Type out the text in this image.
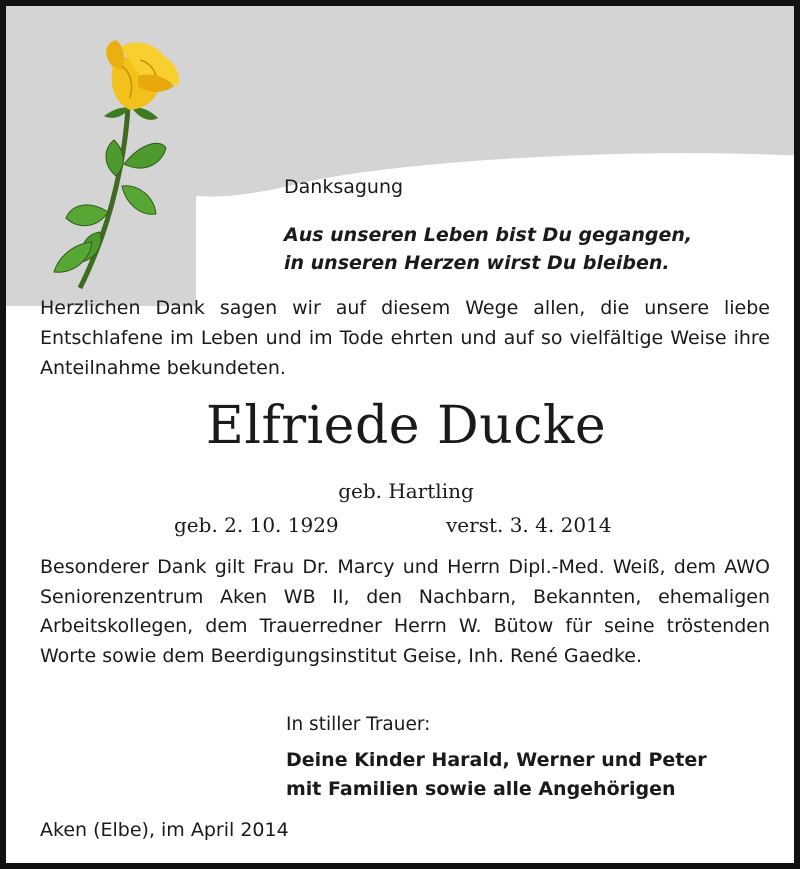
Danksagung
Aus unseren Leben bist Du gegangen,
in unseren Herzen wirst Du bleiben.

Herzlichen Dank sagen wir auf diesem Wege allen, die unsere liebe Entschlafene im Leben und im Tode ehrten und auf so vielfältige Weise ihre Anteilnahme bekundeten.

Elfriede Ducke
geb. Hartling
geb. 2. 10. 1929	verst. 3. 4. 2014

Besonderer Dank gilt Frau Dr. Marcy und Herrn Dipl.-Med. Weiß, dem AWO Seniorenzentrum Aken WB II, den Nachbarn, Bekannten, ehemaligen Arbeitskollegen, dem Trauerredner Herrn W. Bütow für seine tröstenden Worte sowie dem Beerdigungsinstitut Geise, Inh. René Gaedke.

In stiller Trauer:
Deine Kinder Harald, Werner und Peter
mit Familien sowie alle Angehörigen
Aken (Elbe), im April 2014
